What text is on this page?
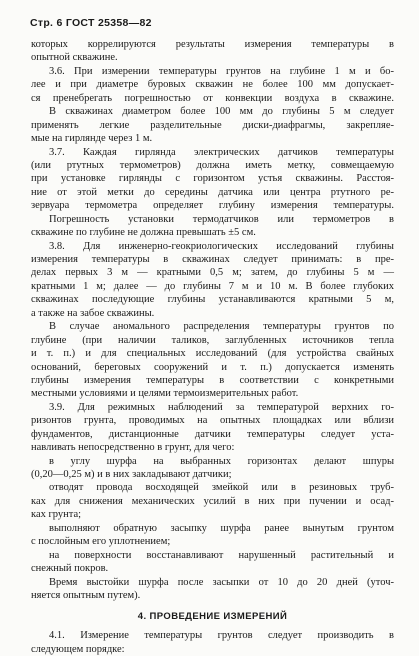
Стр. 6 ГОСТ 25358—82
которых коррелируются результаты измерения температуры в
опытной скважине.
3.6. При измерении температуры грунтов на глубине 1 м и бо-
лее и при диаметре буровых скважин не более 100 мм допускает-
ся пренебрегать погрешностью от конвекции воздуха в скважине.
В скважинах диаметром более 100 мм до глубины 5 м следует
применять легкие разделительные диски-диафрагмы, закрепляе-
мые на гирлянде через 1 м.
3.7. Каждая гирлянда электрических датчиков температуры
(или ртутных термометров) должна иметь метку, совмещаемую
при установке гирлянды с горизонтом устья скважины. Расстоя-
ние от этой метки до середины датчика или центра ртутного ре-
зервуара термометра определяет глубину измерения температуры.
Погрешность установки термодатчиков или термометров в
скважине по глубине не должна превышать ±5 см.
3.8. Для инженерно-геокриологических исследований глубины
измерения температуры в скважинах следует принимать: в пре-
делах первых 3 м — кратными 0,5 м; затем, до глубины 5 м —
кратными 1 м; далее — до глубины 7 м и 10 м. В более глубоких
скважинах последующие глубины устанавливаются кратными 5 м,
а также на забое скважины.
В случае аномального распределения температуры грунтов по
глубине (при наличии таликов, заглубленных источников тепла
и т. п.) и для специальных исследований (для устройства свайных
оснований, береговых сооружений и т. п.) допускается изменять
глубины измерения температуры в соответствии с конкретными
местными условиями и целями термоизмерительных работ.
3.9. Для режимных наблюдений за температурой верхних го-
ризонтов грунта, проводимых на опытных площадках или вблизи
фундаментов, дистанционные датчики температуры следует уста-
навливать непосредственно в грунт, для чего:
в углу шурфа на выбранных горизонтах делают шпуры
(0,20—0,25 м) и в них закладывают датчики;
отводят провода восходящей змейкой или в резиновых труб-
ках для снижения механических усилий в них при пучении и осад-
ках грунта;
выполняют обратную засыпку шурфа ранее вынутым грунтом
с послойным его уплотнением;
на поверхности восстанавливают нарушенный растительный и
снежный покров.
Время выстойки шурфа после засыпки от 10 до 20 дней (уточ-
няется опытным путем).
4. ПРОВЕДЕНИЕ ИЗМЕРЕНИЙ
4.1. Измерение температуры грунтов следует производить в
следующем порядке:
